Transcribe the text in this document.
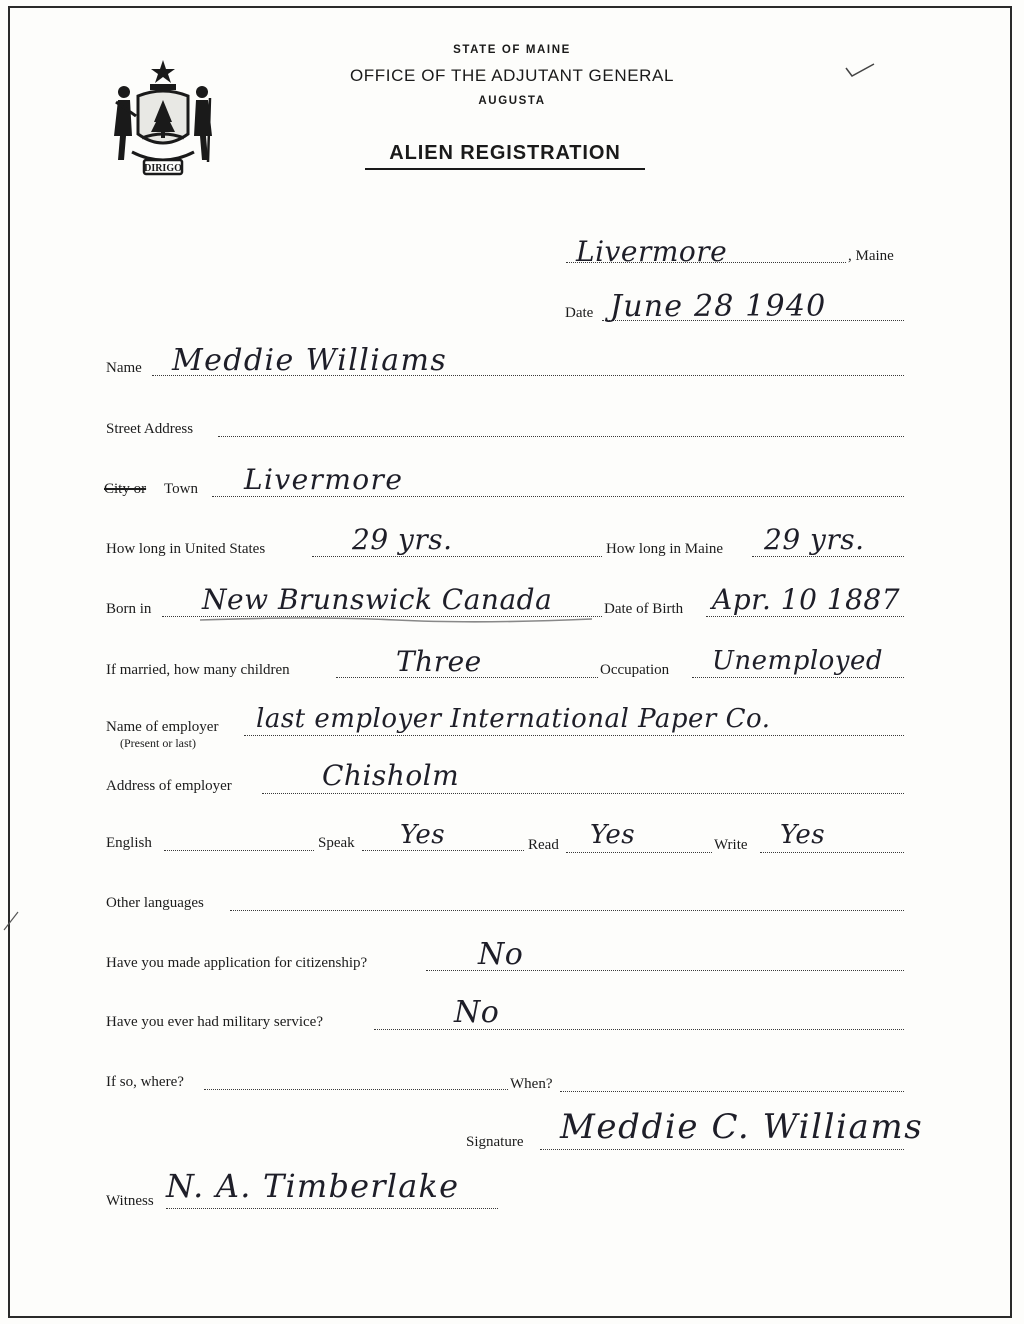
DIRIGO
STATE OF MAINE
OFFICE OF THE ADJUTANT GENERAL
AUGUSTA
ALIEN REGISTRATION
Livermore	, Maine
Date June 28 1940
Name Meddie Williams
Street Address
City or Town Livermore
How long in United States	29 yrs.	How long in Maine 29 yrs.
Born in New Brunswick Canada	Date of Birth Apr. 10 1887
If married, how many children	Three	Occupation Unemployed
Name of employer
(Present or last)
last employer International Paper Co.
Address of employer	Chisholm
English	Speak Yes	Read Yes	Write Yes
Other languages
Have you made application for citizenship?	No
Have you ever had military service?	No
If so, where?	When?
Signature Meddie C. Williams
Witness N. A. Timberlake
